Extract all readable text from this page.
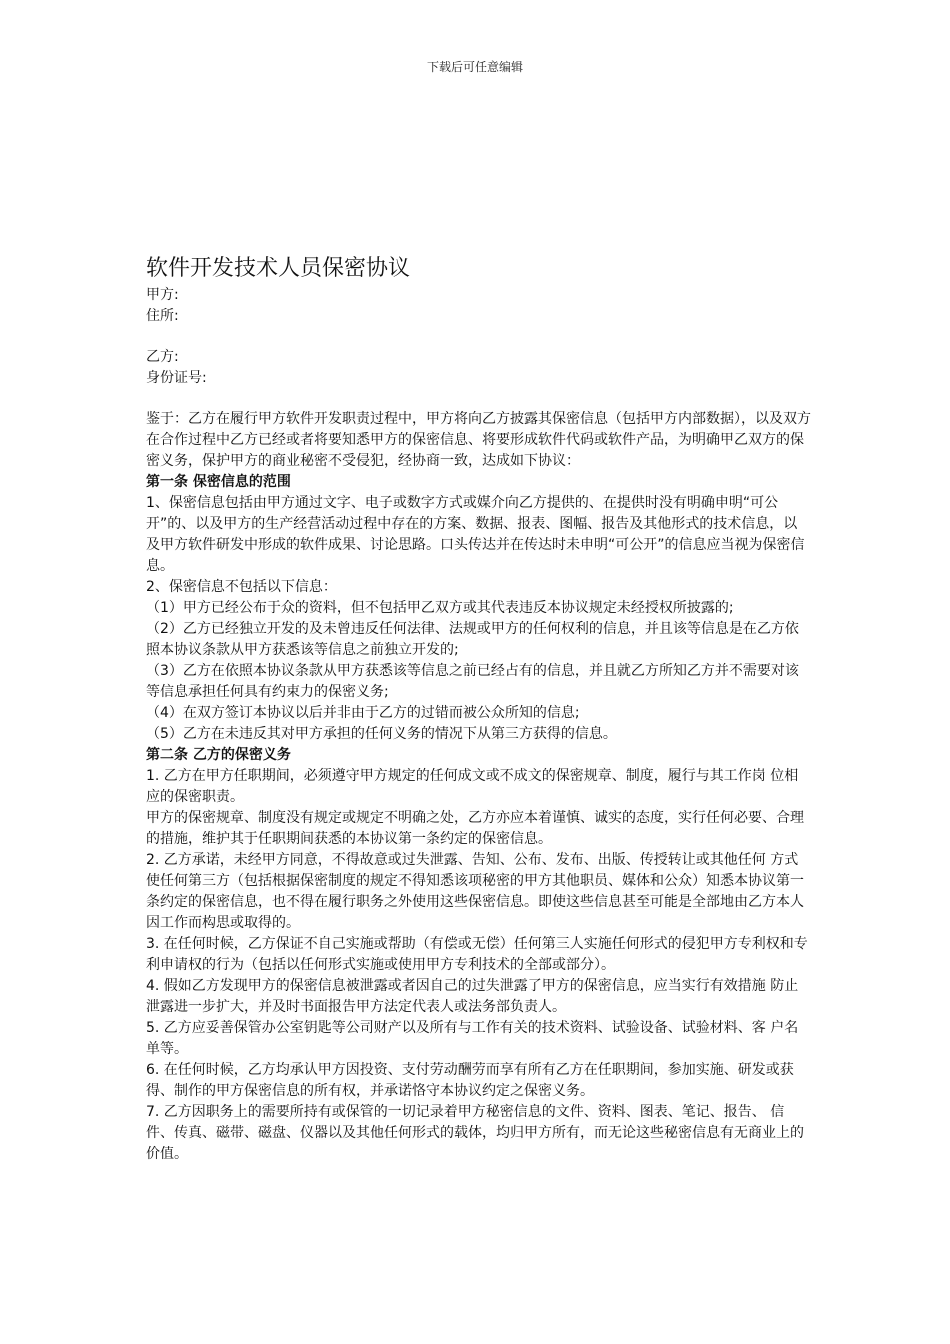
下载后可任意编辑
软件开发技术人员保密协议

甲方:

住所:

乙方:

身份证号:

鉴于：乙方在履行甲方软件开发职责过程中，甲方将向乙方披露其保密信息（包括甲方内部数据），以及双方在合作过程中乙方已经或者将要知悉甲方的保密信息、将要形成软件代码或软件产品，为明确甲乙双方的保密义务，保护甲方的商业秘密不受侵犯，经协商一致，达成如下协议：

第一条 保密信息的范围

1、保密信息包括由甲方通过文字、电子或数字方式或媒介向乙方提供的、在提供时没有明确申明“可公开”的、以及甲方的生产经营活动过程中存在的方案、数据、报表、图幅、报告及其他形式的技术信息，以及甲方软件研发中形成的软件成果、讨论思路。口头传达并在传达时未申明“可公开”的信息应当视为保密信息。

2、保密信息不包括以下信息：

（1）甲方已经公布于众的资料，但不包括甲乙双方或其代表违反本协议规定未经授权所披露的;

（2）乙方已经独立开发的及未曾违反任何法律、法规或甲方的任何权利的信息，并且该等信息是在乙方依照本协议条款从甲方获悉该等信息之前独立开发的;

（3）乙方在依照本协议条款从甲方获悉该等信息之前已经占有的信息，并且就乙方所知乙方并不需要对该等信息承担任何具有约束力的保密义务;

（4）在双方签订本协议以后并非由于乙方的过错而被公众所知的信息;

（5）乙方在未违反其对甲方承担的任何义务的情况下从第三方获得的信息。

第二条 乙方的保密义务

1. 乙方在甲方任职期间，必须遵守甲方规定的任何成文或不成文的保密规章、制度，履行与其工作岗 位相应的保密职责。

甲方的保密规章、制度没有规定或规定不明确之处，乙方亦应本着谨慎、诚实的态度，实行任何必要、合理的措施，维护其于任职期间获悉的本协议第一条约定的保密信息。

2. 乙方承诺，未经甲方同意，不得故意或过失泄露、告知、公布、发布、出版、传授转让或其他任何 方式使任何第三方（包括根据保密制度的规定不得知悉该项秘密的甲方其他职员、媒体和公众）知悉本协议第一条约定的保密信息，也不得在履行职务之外使用这些保密信息。即使这些信息甚至可能是全部地由乙方本人因工作而构思或取得的。

3. 在任何时候，乙方保证不自己实施或帮助（有偿或无偿）任何第三人实施任何形式的侵犯甲方专利权和专利申请权的行为（包括以任何形式实施或使用甲方专利技术的全部或部分）。

4. 假如乙方发现甲方的保密信息被泄露或者因自己的过失泄露了甲方的保密信息，应当实行有效措施 防止泄露进一步扩大，并及时书面报告甲方法定代表人或法务部负责人。

5. 乙方应妥善保管办公室钥匙等公司财产以及所有与工作有关的技术资料、试验设备、试验材料、客 户名单等。

6. 在任何时候，乙方均承认甲方因投资、支付劳动酬劳而享有所有乙方在任职期间，参加实施、研发或获得、制作的甲方保密信息的所有权，并承诺恪守本协议约定之保密义务。

7. 乙方因职务上的需要所持有或保管的一切记录着甲方秘密信息的文件、资料、图表、笔记、报告、 信件、传真、磁带、磁盘、仪器以及其他任何形式的载体，均归甲方所有，而无论这些秘密信息有无商业上的价值。
